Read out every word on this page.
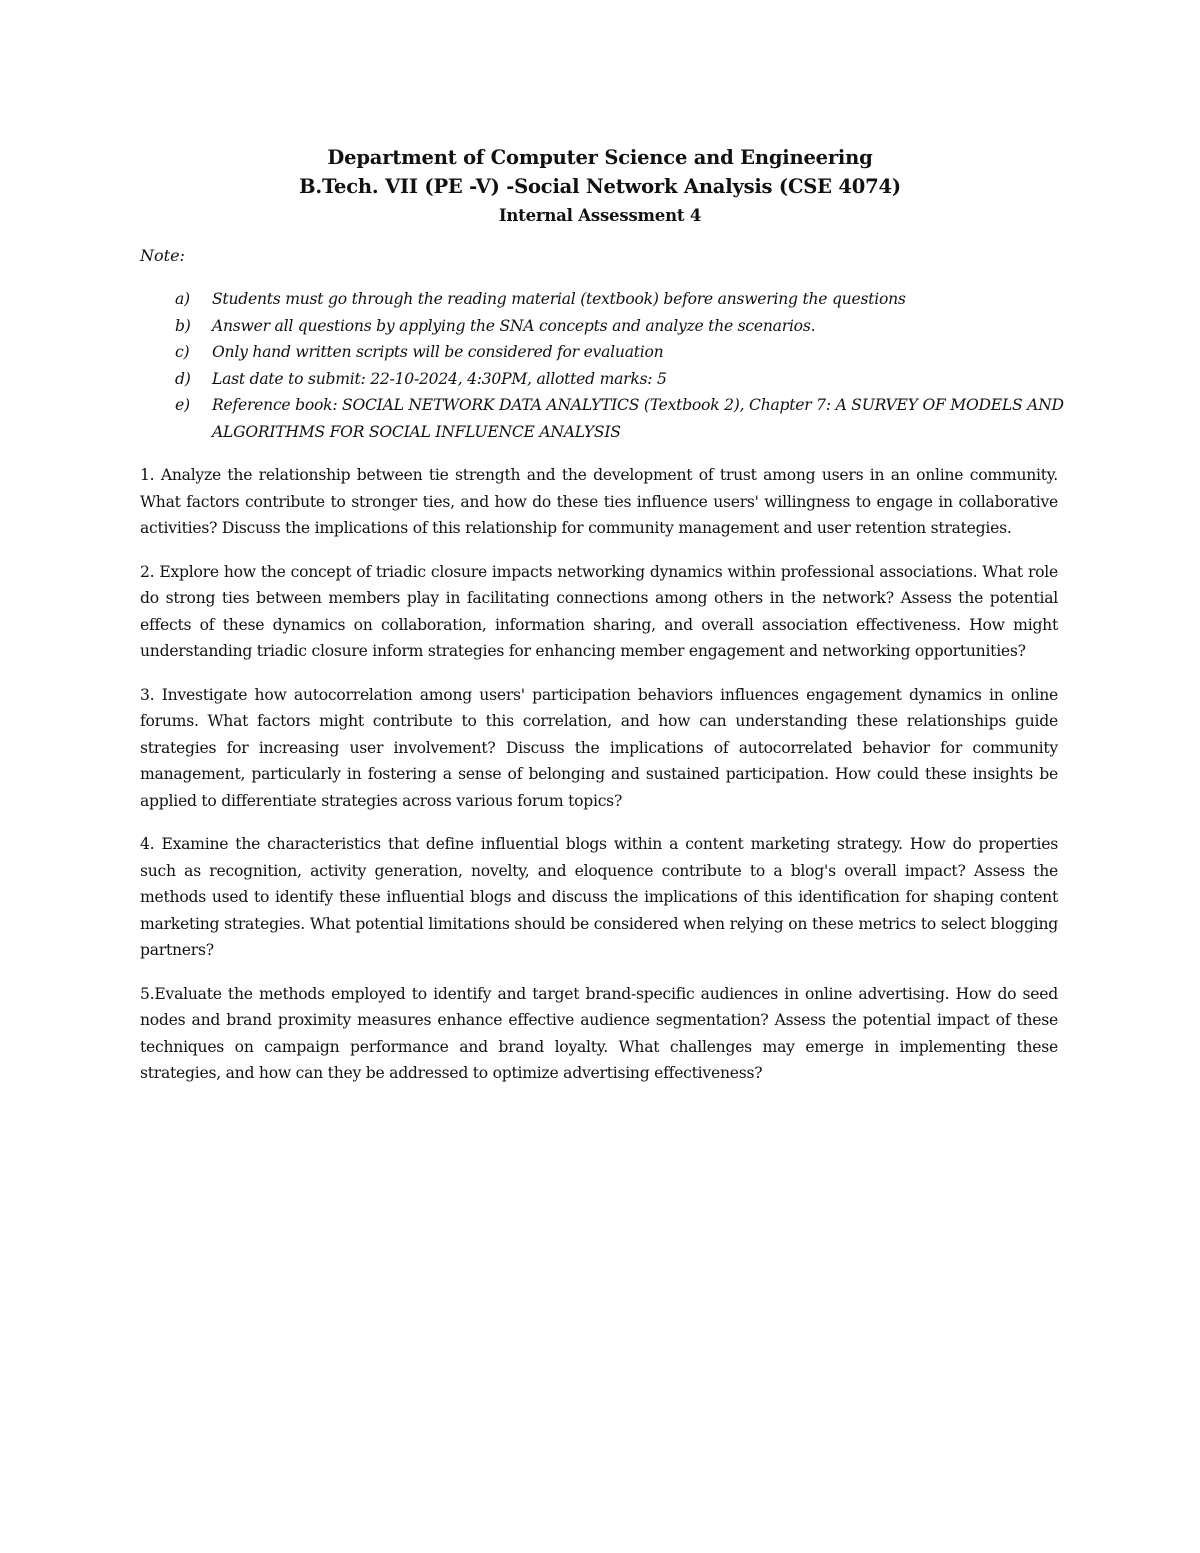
Department of Computer Science and Engineering
B.Tech. VII (PE -V) -Social Network Analysis (CSE 4074)
Internal Assessment 4
Note:
a) Students must go through the reading material (textbook) before answering the questions
b) Answer all questions by applying the SNA concepts and analyze the scenarios.
c) Only hand written scripts will be considered for evaluation
d) Last date to submit: 22-10-2024, 4:30PM, allotted marks: 5
e) Reference book: SOCIAL NETWORK DATA ANALYTICS (Textbook 2), Chapter 7: A SURVEY OF MODELS AND ALGORITHMS FOR SOCIAL INFLUENCE ANALYSIS

1. Analyze the relationship between tie strength and the development of trust among users in an online community. What factors contribute to stronger ties, and how do these ties influence users' willingness to engage in collaborative activities? Discuss the implications of this relationship for community management and user retention strategies.

2. Explore how the concept of triadic closure impacts networking dynamics within professional associations. What role do strong ties between members play in facilitating connections among others in the network? Assess the potential effects of these dynamics on collaboration, information sharing, and overall association effectiveness. How might understanding triadic closure inform strategies for enhancing member engagement and networking opportunities?

3. Investigate how autocorrelation among users' participation behaviors influences engagement dynamics in online forums. What factors might contribute to this correlation, and how can understanding these relationships guide strategies for increasing user involvement? Discuss the implications of autocorrelated behavior for community management, particularly in fostering a sense of belonging and sustained participation. How could these insights be applied to differentiate strategies across various forum topics?

4. Examine the characteristics that define influential blogs within a content marketing strategy. How do properties such as recognition, activity generation, novelty, and eloquence contribute to a blog's overall impact? Assess the methods used to identify these influential blogs and discuss the implications of this identification for shaping content marketing strategies. What potential limitations should be considered when relying on these metrics to select blogging partners?

5.Evaluate the methods employed to identify and target brand-specific audiences in online advertising. How do seed nodes and brand proximity measures enhance effective audience segmentation? Assess the potential impact of these techniques on campaign performance and brand loyalty. What challenges may emerge in implementing these strategies, and how can they be addressed to optimize advertising effectiveness?
